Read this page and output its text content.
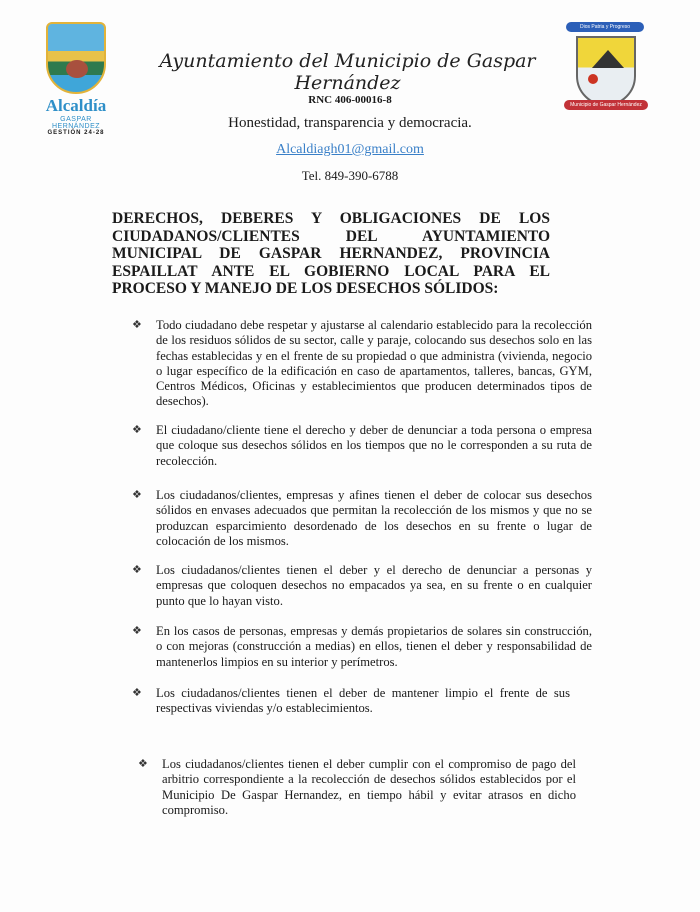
Alcaldía
GASPAR HERNÁNDEZ
GESTIÓN 24-28
Dios Patria y Progreso
Municipio de Gaspar Hernández
Ayuntamiento del Municipio de Gaspar Hernández
RNC 406-00016-8
Honestidad, transparencia y democracia.
Alcaldiagh01@gmail.com
Tel. 849-390-6788
DERECHOS, DEBERES Y OBLIGACIONES DE LOS
CIUDADANOS/CLIENTES DEL AYUNTAMIENTO
MUNICIPAL DE GASPAR HERNANDEZ, PROVINCIA
ESPAILLAT ANTE EL GOBIERNO LOCAL PARA EL
PROCESO Y MANEJO DE LOS DESECHOS SÓLIDOS:
❖ Todo ciudadano debe respetar y ajustarse al calendario establecido para la recolección de los residuos sólidos de su sector, calle y paraje, colocando sus desechos solo en las fechas establecidas y en el frente de su propiedad o que administra (vivienda, negocio o lugar específico de la edificación en caso de apartamentos, talleres, bancas, GYM, Centros Médicos, Oficinas y establecimientos que producen determinados tipos de desechos).
❖ El ciudadano/cliente tiene el derecho y deber de denunciar a toda persona o empresa que coloque sus desechos sólidos en los tiempos que no le corresponden a su ruta de recolección.
❖ Los ciudadanos/clientes, empresas y afines tienen el deber de colocar sus desechos sólidos en envases adecuados que permitan la recolección de los mismos y que no se produzcan esparcimiento desordenado de los desechos en su frente o lugar de colocación de los mismos.
❖ Los ciudadanos/clientes tienen el deber y el derecho de denunciar a personas y empresas que coloquen desechos no empacados ya sea, en su frente o en cualquier punto que lo hayan visto.
❖ En los casos de personas, empresas y demás propietarios de solares sin construcción, o con mejoras (construcción a medias) en ellos, tienen el deber y responsabilidad de mantenerlos limpios en su interior y perímetros.
❖ Los ciudadanos/clientes tienen el deber de mantener limpio el frente de sus respectivas viviendas y/o establecimientos.
❖ Los ciudadanos/clientes tienen el deber cumplir con el compromiso de pago del arbitrio correspondiente a la recolección de desechos sólidos establecidos por el Municipio De Gaspar Hernandez, en tiempo hábil y evitar atrasos en dicho compromiso.
